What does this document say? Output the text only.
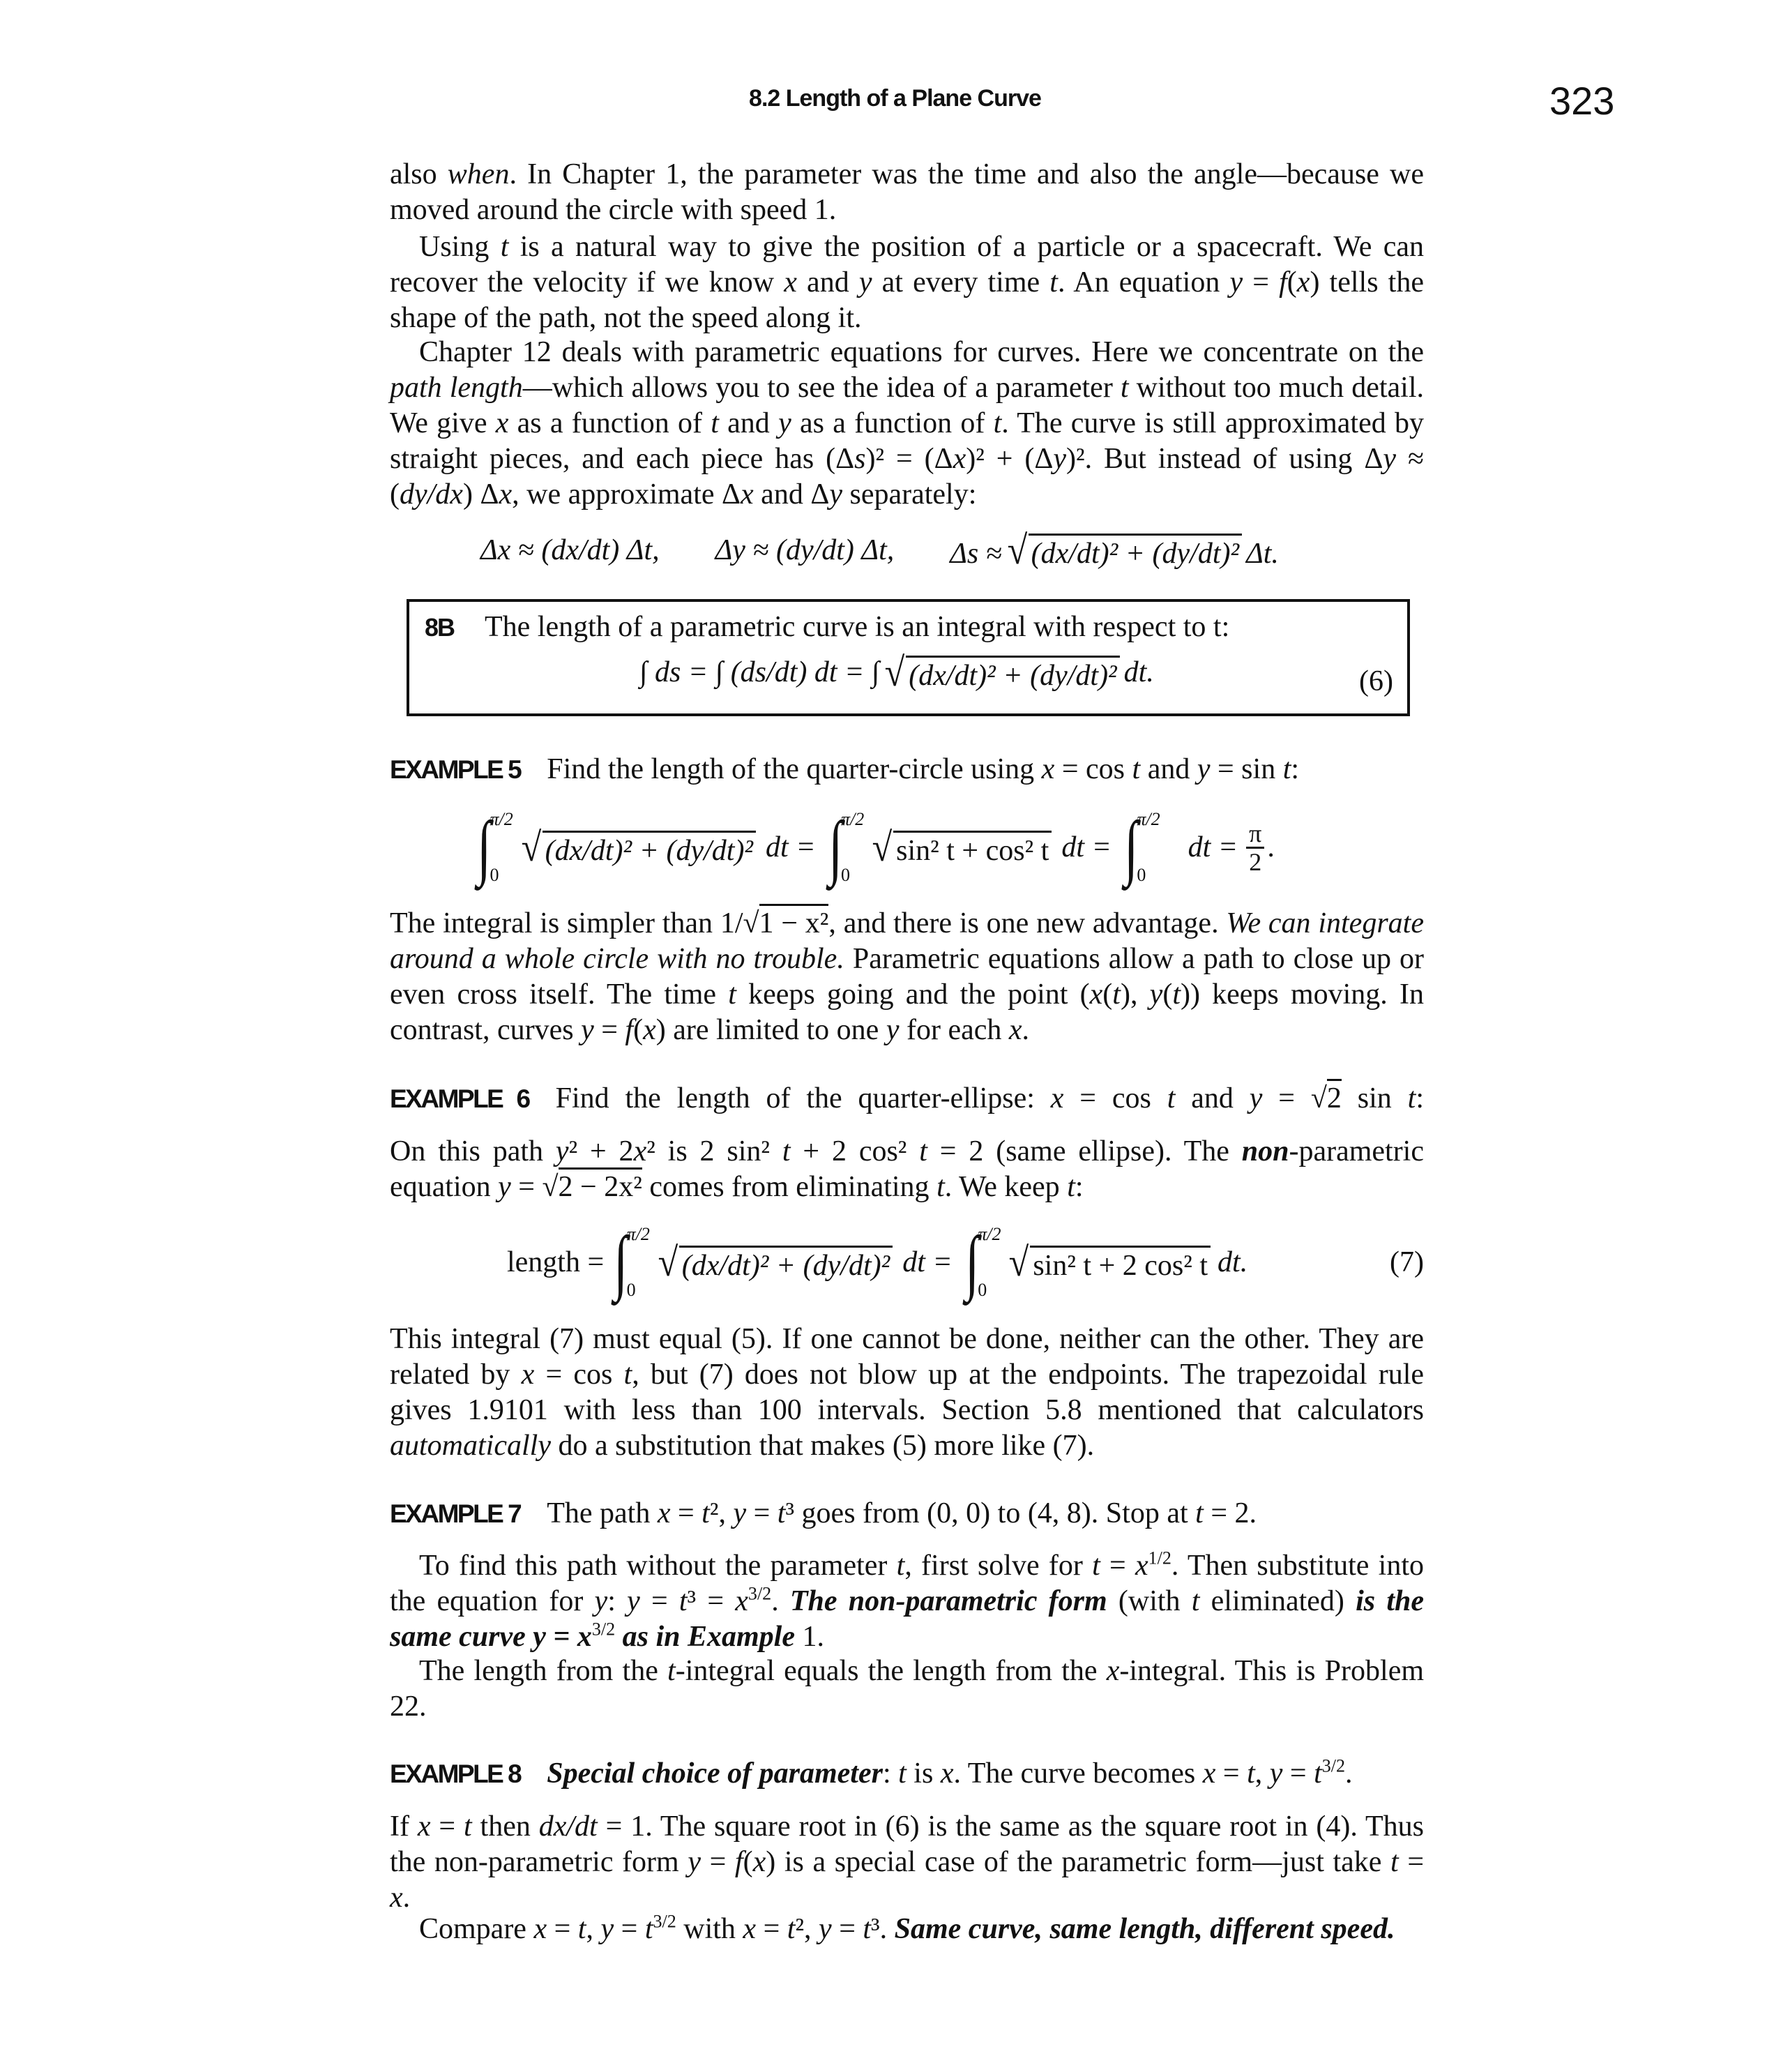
8.2 Length of a Plane Curve	323
also when. In Chapter 1, the parameter was the time and also the angle—because we moved around the circle with speed 1.
Using t is a natural way to give the position of a particle or a spacecraft. We can recover the velocity if we know x and y at every time t. An equation y = f(x) tells the shape of the path, not the speed along it.
Chapter 12 deals with parametric equations for curves. Here we concentrate on the path length—which allows you to see the idea of a parameter t without too much detail. We give x as a function of t and y as a function of t. The curve is still approximated by straight pieces, and each piece has (Δs)² = (Δx)² + (Δy)². But instead of using Δy ≈ (dy/dx) Δx, we approximate Δx and Δy separately:
Δx ≈ (dx/dt) Δt, Δy ≈ (dy/dt) Δt, Δs ≈ √ (dx/dt)² + (dy/dt)² Δt.
8B The length of a parametric curve is an integral with respect to t:
∫ ds = ∫ (ds/dt) dt = ∫ √ (dx/dt)² + (dy/dt)² dt.	(6)
EXAMPLE 5 Find the length of the quarter-circle using x = cos t and y = sin t:
∫
π/2
0
√ (dx/dt)² + (dy/dt)² dt = ∫
π/2
0
√ sin² t + cos² t dt = ∫
π/2
0
dt = $\frac{\pi}{2}$ .
The integral is simpler than 1/√1 − x², and there is one new advantage. We can integrate around a whole circle with no trouble. Parametric equations allow a path to close up or even cross itself. The time t keeps going and the point (x(t), y(t)) keeps moving. In contrast, curves y = f(x) are limited to one y for each x.
EXAMPLE 6 Find the length of the quarter-ellipse: x = cos t and y = √2 sin t:
On this path y² + 2x² is 2 sin² t + 2 cos² t = 2 (same ellipse). The non-parametric equation y = √2 − 2x² comes from eliminating t. We keep t:
length = ∫
π/2
0
√ (dx/dt)² + (dy/dt)² dt = ∫
π/2
0
√ sin² t + 2 cos² t dt.	(7)
This integral (7) must equal (5). If one cannot be done, neither can the other. They are related by x = cos t, but (7) does not blow up at the endpoints. The trapezoidal rule gives 1.9101 with less than 100 intervals. Section 5.8 mentioned that calculators automatically do a substitution that makes (5) more like (7).
EXAMPLE 7 The path x = t², y = t³ goes from (0, 0) to (4, 8). Stop at t = 2.
To find this path without the parameter t, first solve for $t = x^{1/2}$. Then substitute into the equation for y: $y = t^3 = x^{3/2}$. The non-parametric form (with t eliminated) is the same curve $y = x^{3/2}$ as in Example 1.
The length from the t-integral equals the length from the x-integral. This is Problem 22.
EXAMPLE 8 Special choice of parameter: t is x. The curve becomes x = t, $y = t^{3/2}$.
If x = t then dx/dt = 1. The square root in (6) is the same as the square root in (4). Thus the non-parametric form y = f(x) is a special case of the parametric form—just take t = x.
Compare x = t, $y = t^{3/2}$ with x = t², y = t³. Same curve, same length, different speed.
